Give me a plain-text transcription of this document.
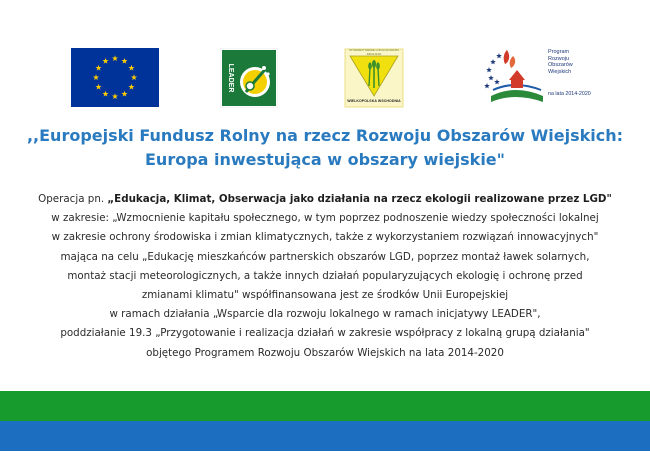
LEADER
STOWARZYSZENIE LOKALNA GRUPA DZIAŁANIA
WIELKOPOLSKA WSCHODNIA
Program
Rozwoju
Obszarów
Wiejskich
na lata 2014-2020
,,Europejski Fundusz Rolny na rzecz Rozwoju Obszarów Wiejskich:
Europa inwestująca w obszary wiejskie"
Operacja pn. „Edukacja, Klimat, Obserwacja jako działania na rzecz ekologii realizowane przez LGD"
w zakresie: „Wzmocnienie kapitału społecznego, w tym poprzez podnoszenie wiedzy społeczności lokalnej
w zakresie ochrony środowiska i zmian klimatycznych, także z wykorzystaniem rozwiązań innowacyjnych"
mająca na celu „Edukację mieszkańców partnerskich obszarów LGD, poprzez montaż ławek solarnych,
montaż stacji meteorologicznych, a także innych działań popularyzujących ekologię i ochronę przed
zmianami klimatu" współfinansowana jest ze środków Unii Europejskiej
w ramach działania „Wsparcie dla rozwoju lokalnego w ramach inicjatywy LEADER",
poddziałanie 19.3 „Przygotowanie i realizacja działań w zakresie współpracy z lokalną grupą działania"
objętego Programem Rozwoju Obszarów Wiejskich na lata 2014-2020
